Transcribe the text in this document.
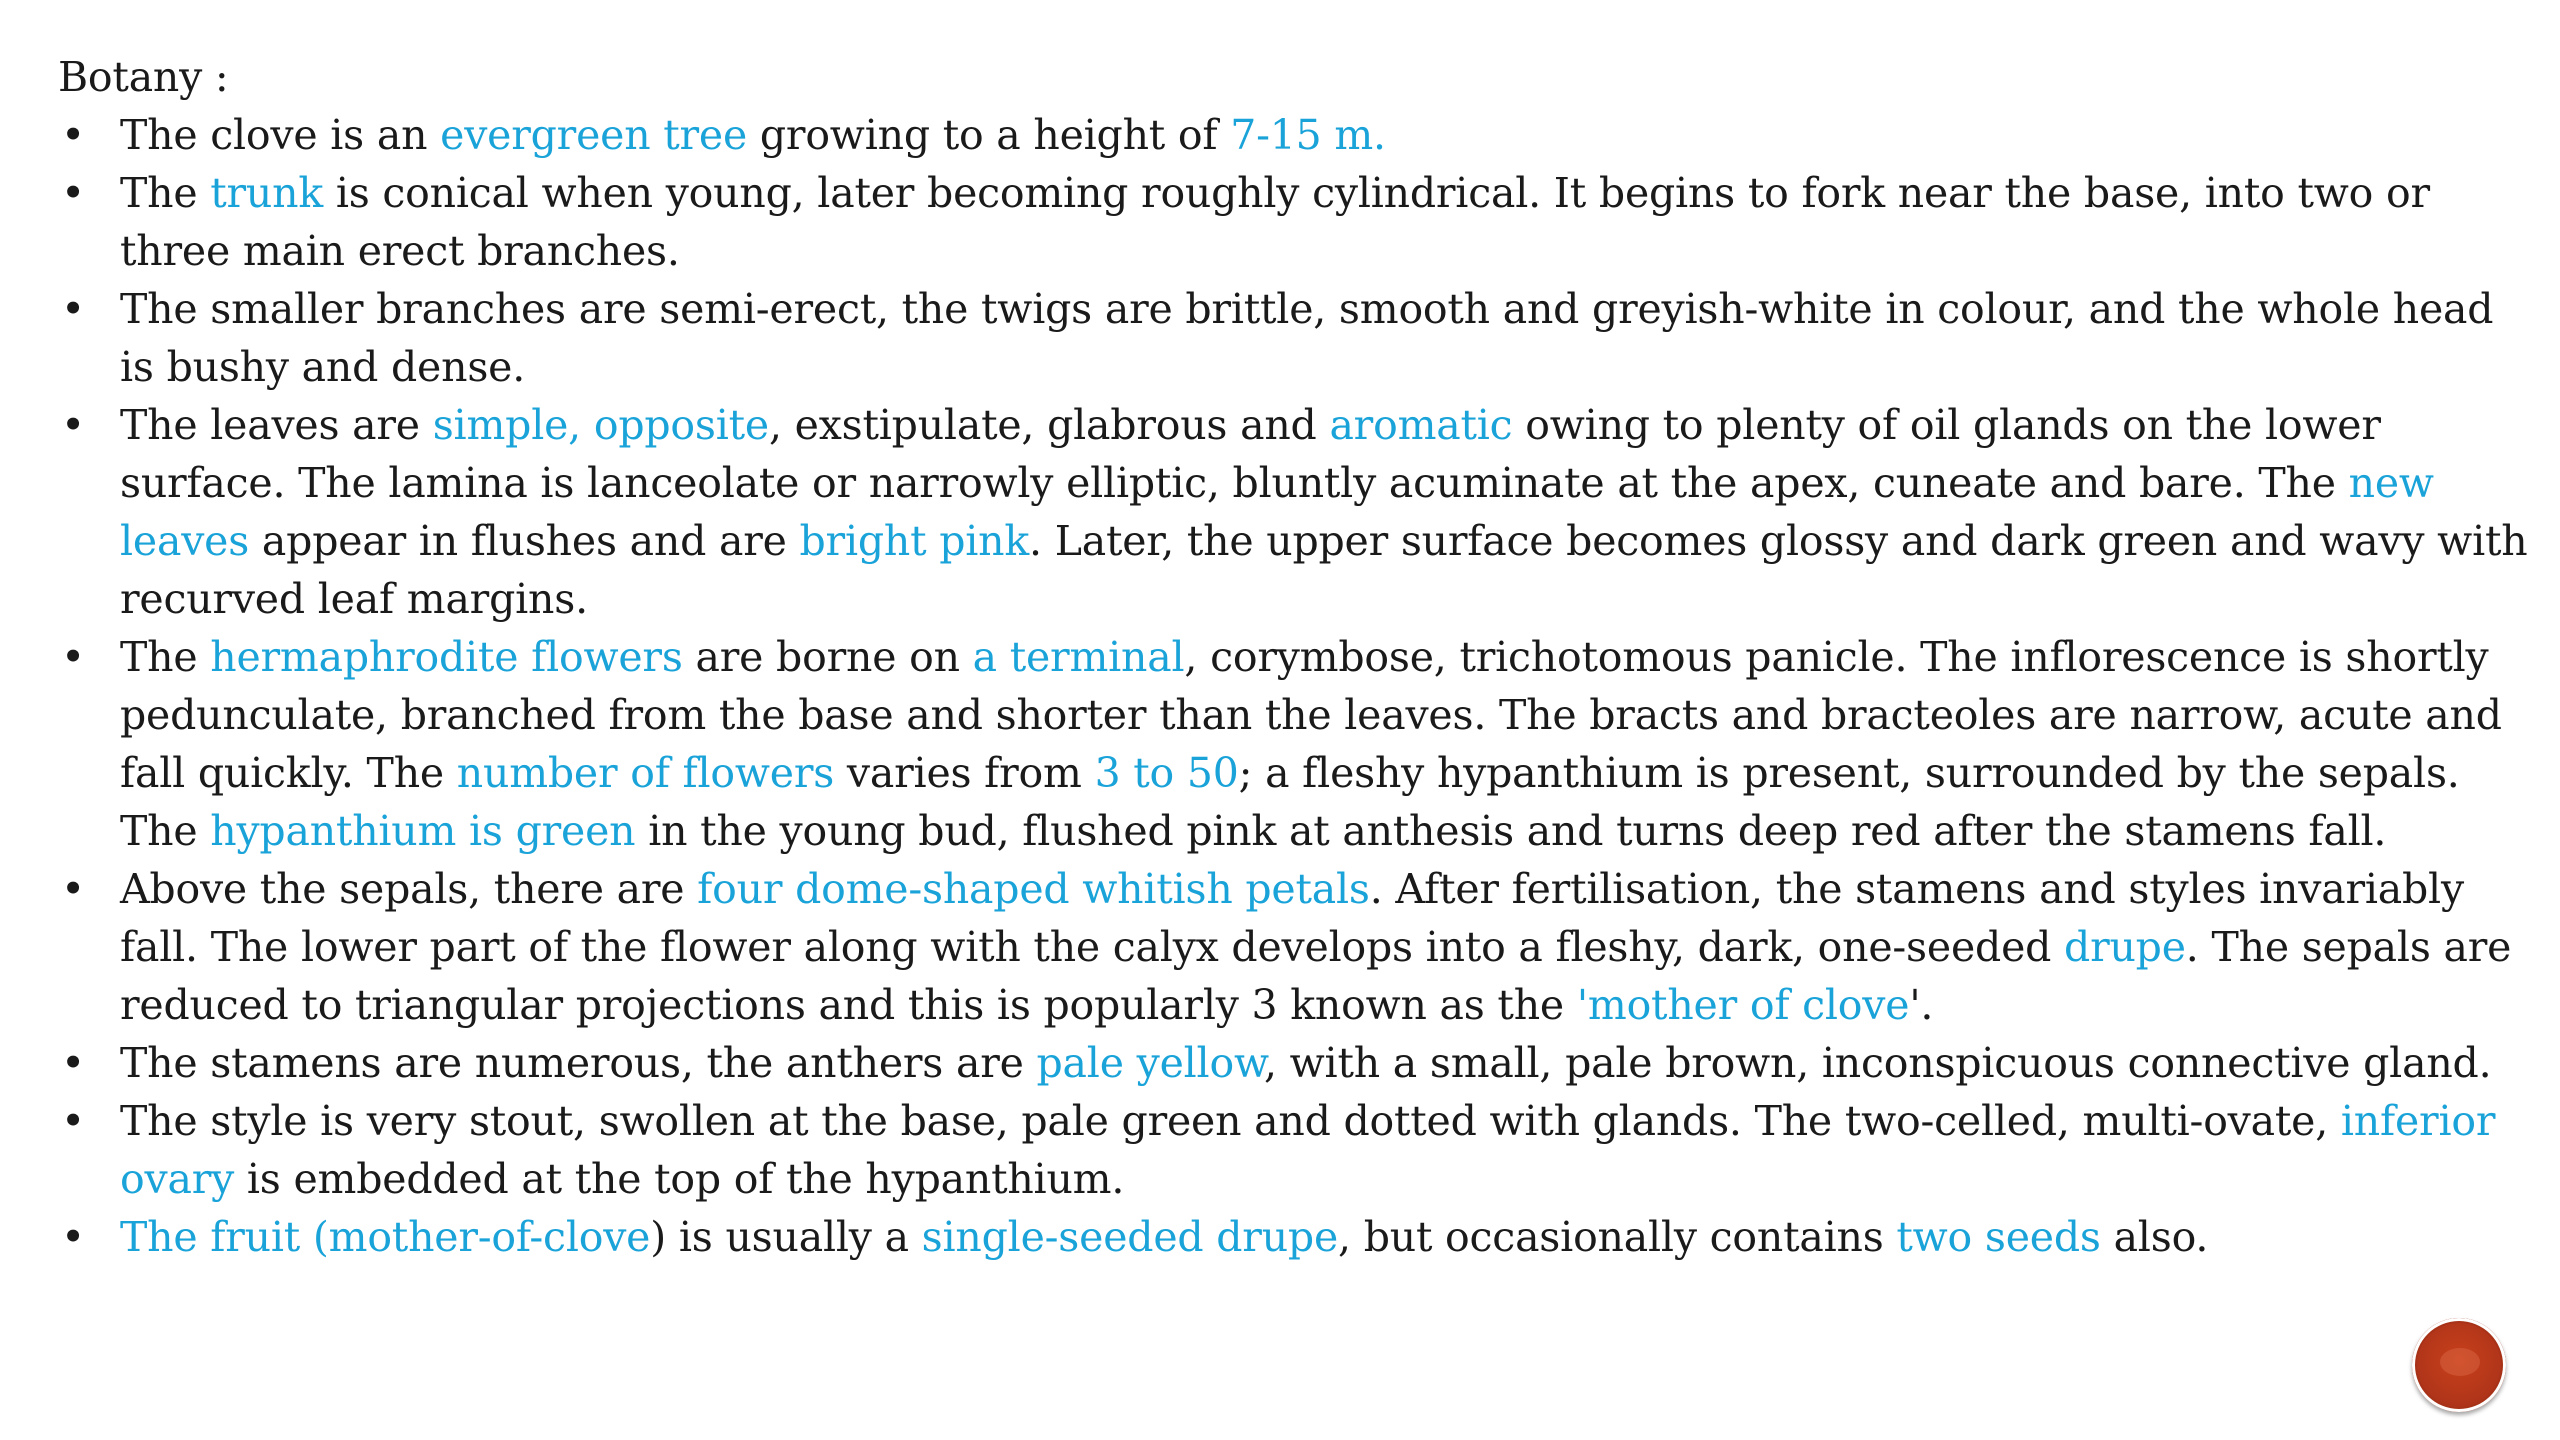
Botany :

• The clove is an evergreen tree growing to a height of 7-15 m.
• The trunk is conical when young, later becoming roughly cylindrical. It begins to fork near the base, into two or three main erect branches.
• The smaller branches are semi-erect, the twigs are brittle, smooth and greyish-white in colour, and the whole head is bushy and dense.
• The leaves are simple, opposite, exstipulate, glabrous and aromatic owing to plenty of oil glands on the lower surface. The lamina is lanceolate or narrowly elliptic, bluntly acuminate at the apex, cuneate and bare. The new leaves appear in flushes and are bright pink. Later, the upper surface becomes glossy and dark green and wavy with recurved leaf margins.
• The hermaphrodite flowers are borne on a terminal, corymbose, trichotomous panicle. The inflorescence is shortly pedunculate, branched from the base and shorter than the leaves. The bracts and bracteoles are narrow, acute and fall quickly. The number of flowers varies from 3 to 50; a fleshy hypanthium is present, surrounded by the sepals. The hypanthium is green in the young bud, flushed pink at anthesis and turns deep red after the stamens fall.
• Above the sepals, there are four dome-shaped whitish petals. After fertilisation, the stamens and styles invariably fall. The lower part of the flower along with the calyx develops into a fleshy, dark, one-seeded drupe. The sepals are reduced to triangular projections and this is popularly 3 known as the 'mother of clove'.
• The stamens are numerous, the anthers are pale yellow, with a small, pale brown, inconspicuous connective gland.
• The style is very stout, swollen at the base, pale green and dotted with glands. The two-celled, multi-ovate, inferior ovary is embedded at the top of the hypanthium.
• The fruit (mother-of-clove) is usually a single-seeded drupe, but occasionally contains two seeds also.
